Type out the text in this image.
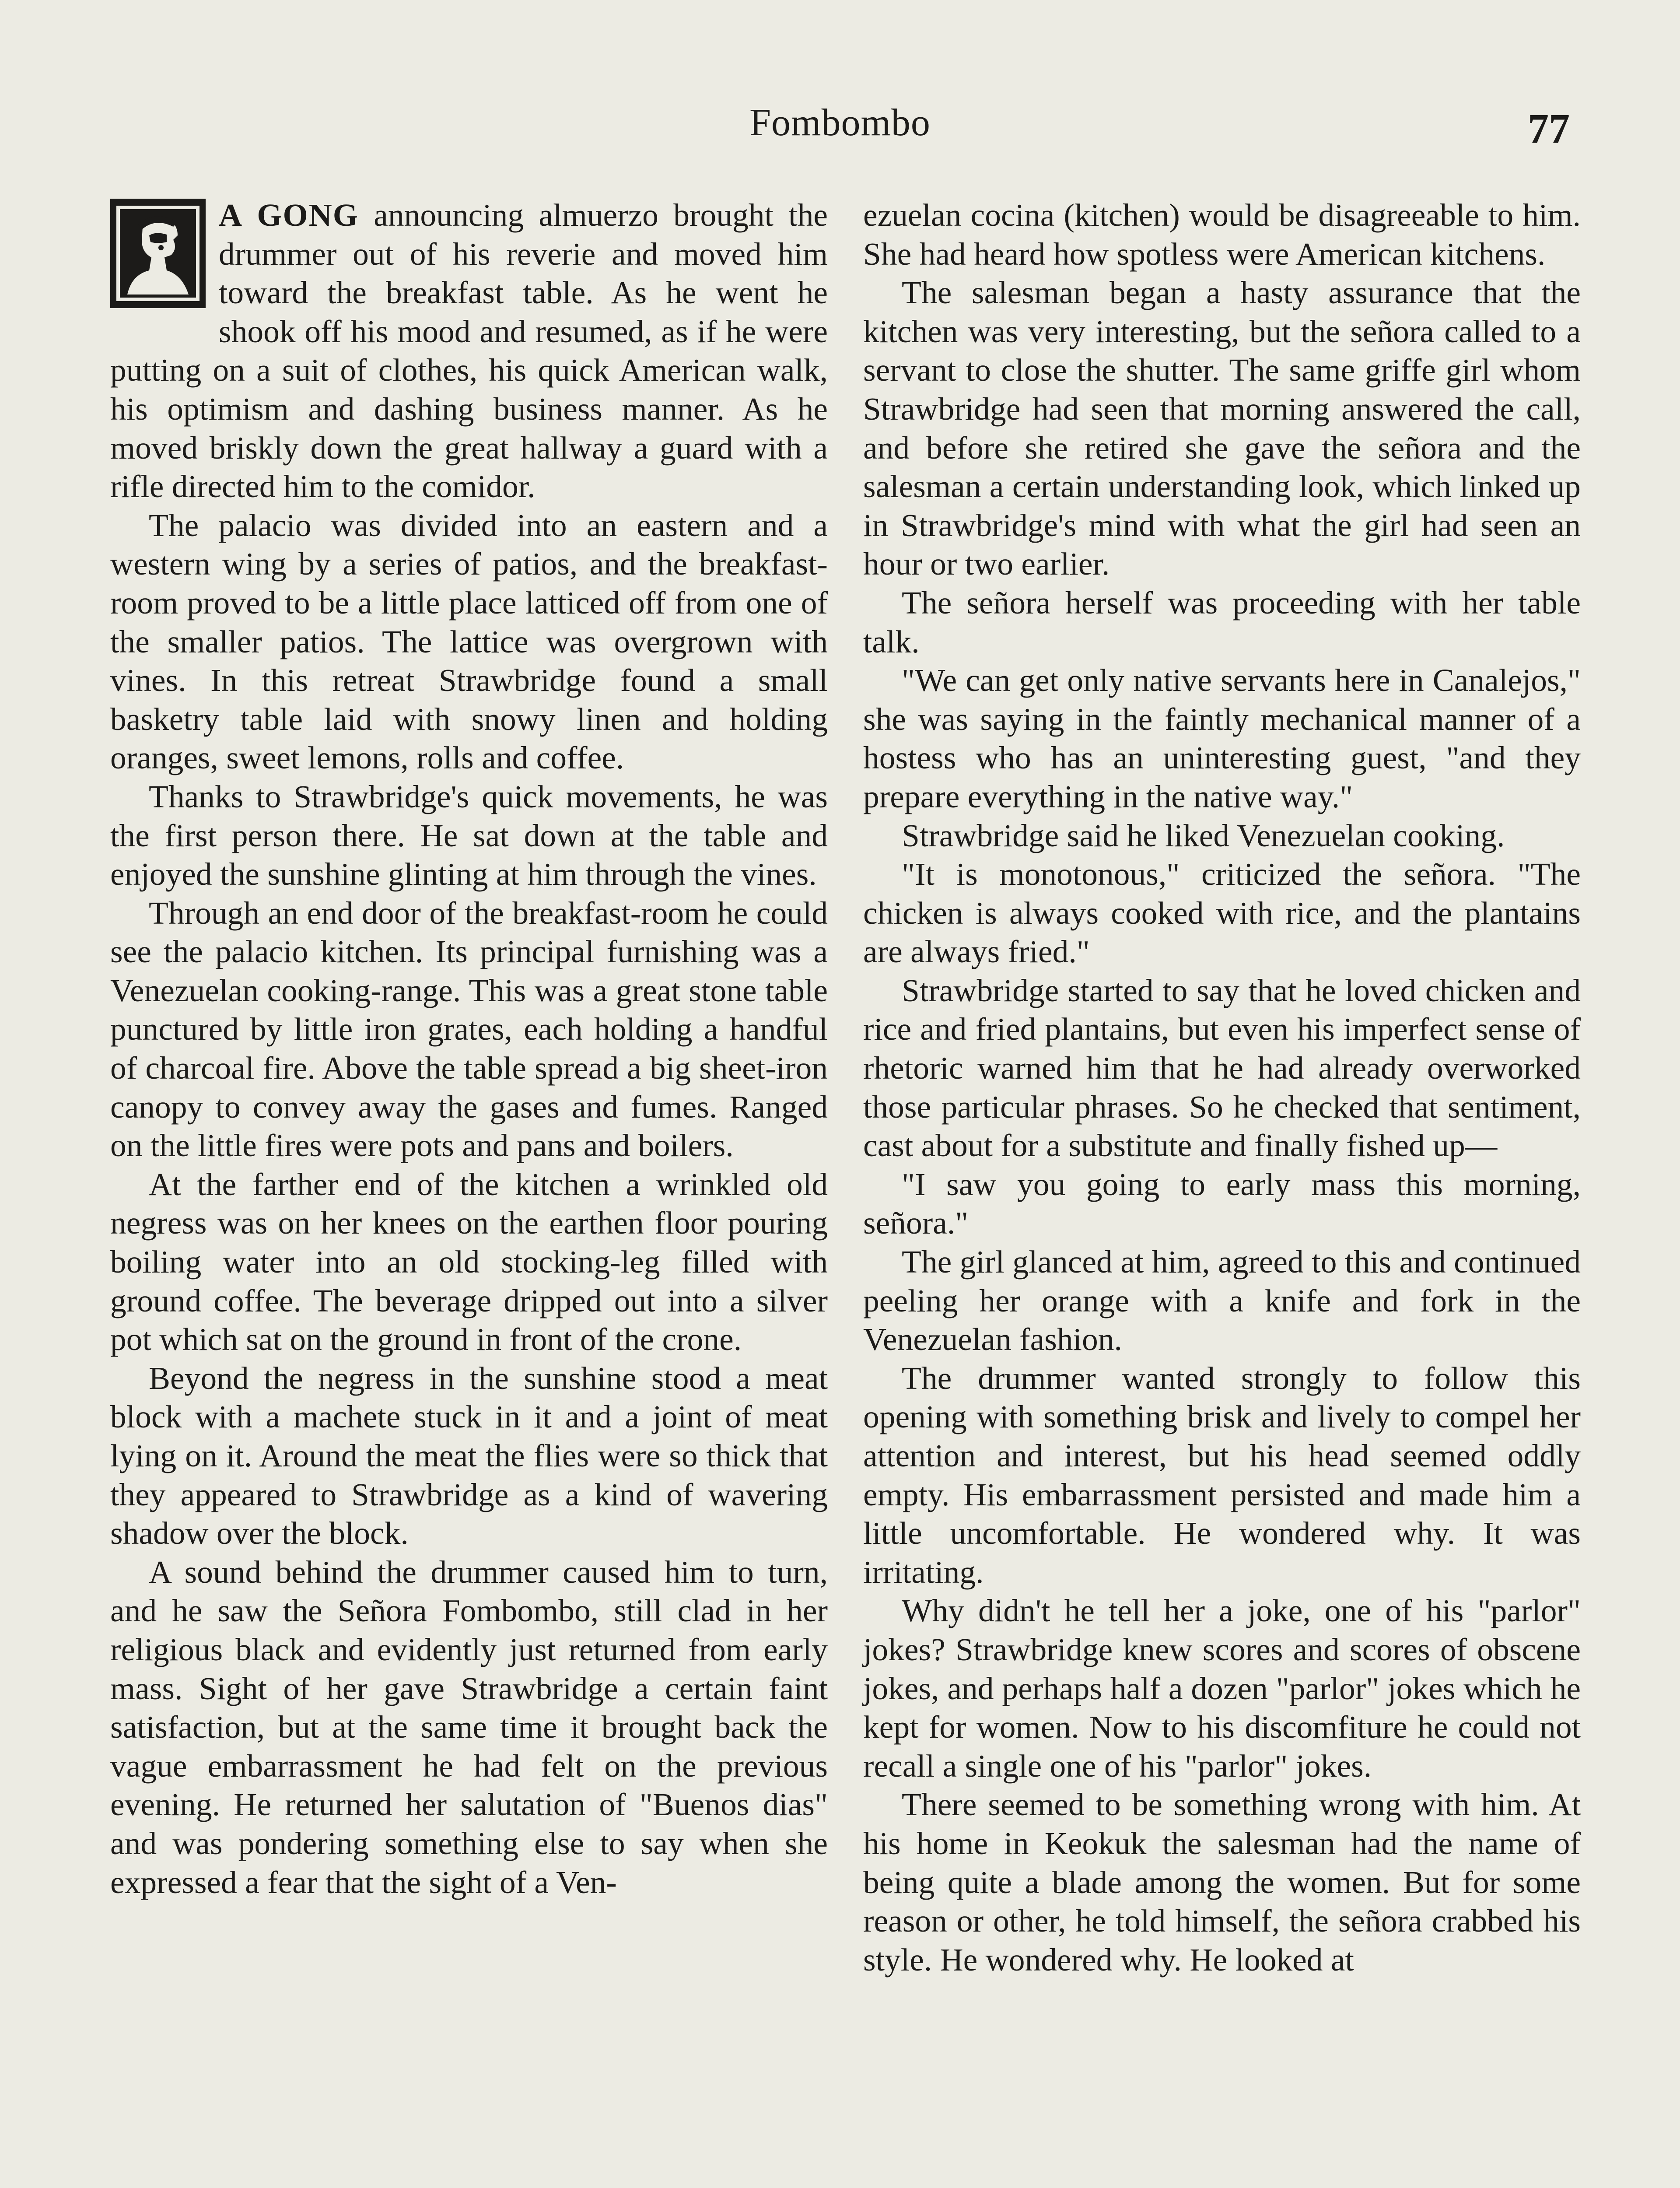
Fombombo	77

A GONG announcing almuerzo brought the drummer out of his reverie and moved him toward the breakfast table. As he went he shook off his mood and resumed, as if he were putting on a suit of clothes, his quick American walk, his optimism and dashing business manner. As he moved briskly down the great hallway a guard with a rifle directed him to the comidor.

The palacio was divided into an eastern and a western wing by a series of patios, and the breakfast-room proved to be a little place latticed off from one of the smaller patios. The lattice was overgrown with vines. In this retreat Strawbridge found a small basketry table laid with snowy linen and holding oranges, sweet lemons, rolls and coffee.

Thanks to Strawbridge's quick movements, he was the first person there. He sat down at the table and enjoyed the sunshine glinting at him through the vines.

Through an end door of the breakfast-room he could see the palacio kitchen. Its principal furnishing was a Venezuelan cooking-range. This was a great stone table punctured by little iron grates, each holding a handful of charcoal fire. Above the table spread a big sheet-iron canopy to convey away the gases and fumes. Ranged on the little fires were pots and pans and boilers.

At the farther end of the kitchen a wrinkled old negress was on her knees on the earthen floor pouring boiling water into an old stocking-leg filled with ground coffee. The beverage dripped out into a silver pot which sat on the ground in front of the crone.

Beyond the negress in the sunshine stood a meat block with a machete stuck in it and a joint of meat lying on it. Around the meat the flies were so thick that they appeared to Strawbridge as a kind of wavering shadow over the block.

A sound behind the drummer caused him to turn, and he saw the Señora Fombombo, still clad in her religious black and evidently just returned from early mass. Sight of her gave Strawbridge a certain faint satisfaction, but at the same time it brought back the vague embarrassment he had felt on the previous evening. He returned her salutation of "Buenos dias" and was pondering something else to say when she expressed a fear that the sight of a Ven-

ezuelan cocina (kitchen) would be disagreeable to him. She had heard how spotless were American kitchens.

The salesman began a hasty assurance that the kitchen was very interesting, but the señora called to a servant to close the shutter. The same griffe girl whom Strawbridge had seen that morning answered the call, and before she retired she gave the señora and the salesman a certain understanding look, which linked up in Strawbridge's mind with what the girl had seen an hour or two earlier.

The señora herself was proceeding with her table talk.

"We can get only native servants here in Canalejos," she was saying in the faintly mechanical manner of a hostess who has an uninteresting guest, "and they prepare everything in the native way."

Strawbridge said he liked Venezuelan cooking.

"It is monotonous," criticized the señora. "The chicken is always cooked with rice, and the plantains are always fried."

Strawbridge started to say that he loved chicken and rice and fried plantains, but even his imperfect sense of rhetoric warned him that he had already overworked those particular phrases. So he checked that sentiment, cast about for a substitute and finally fished up—

"I saw you going to early mass this morning, señora."

The girl glanced at him, agreed to this and continued peeling her orange with a knife and fork in the Venezuelan fashion.

The drummer wanted strongly to follow this opening with something brisk and lively to compel her attention and interest, but his head seemed oddly empty. His embarrassment persisted and made him a little uncomfortable. He wondered why. It was irritating.

Why didn't he tell her a joke, one of his "parlor" jokes? Strawbridge knew scores and scores of obscene jokes, and perhaps half a dozen "parlor" jokes which he kept for women. Now to his discomfiture he could not recall a single one of his "parlor" jokes.

There seemed to be something wrong with him. At his home in Keokuk the salesman had the name of being quite a blade among the women. But for some reason or other, he told himself, the señora crabbed his style. He wondered why. He looked at
